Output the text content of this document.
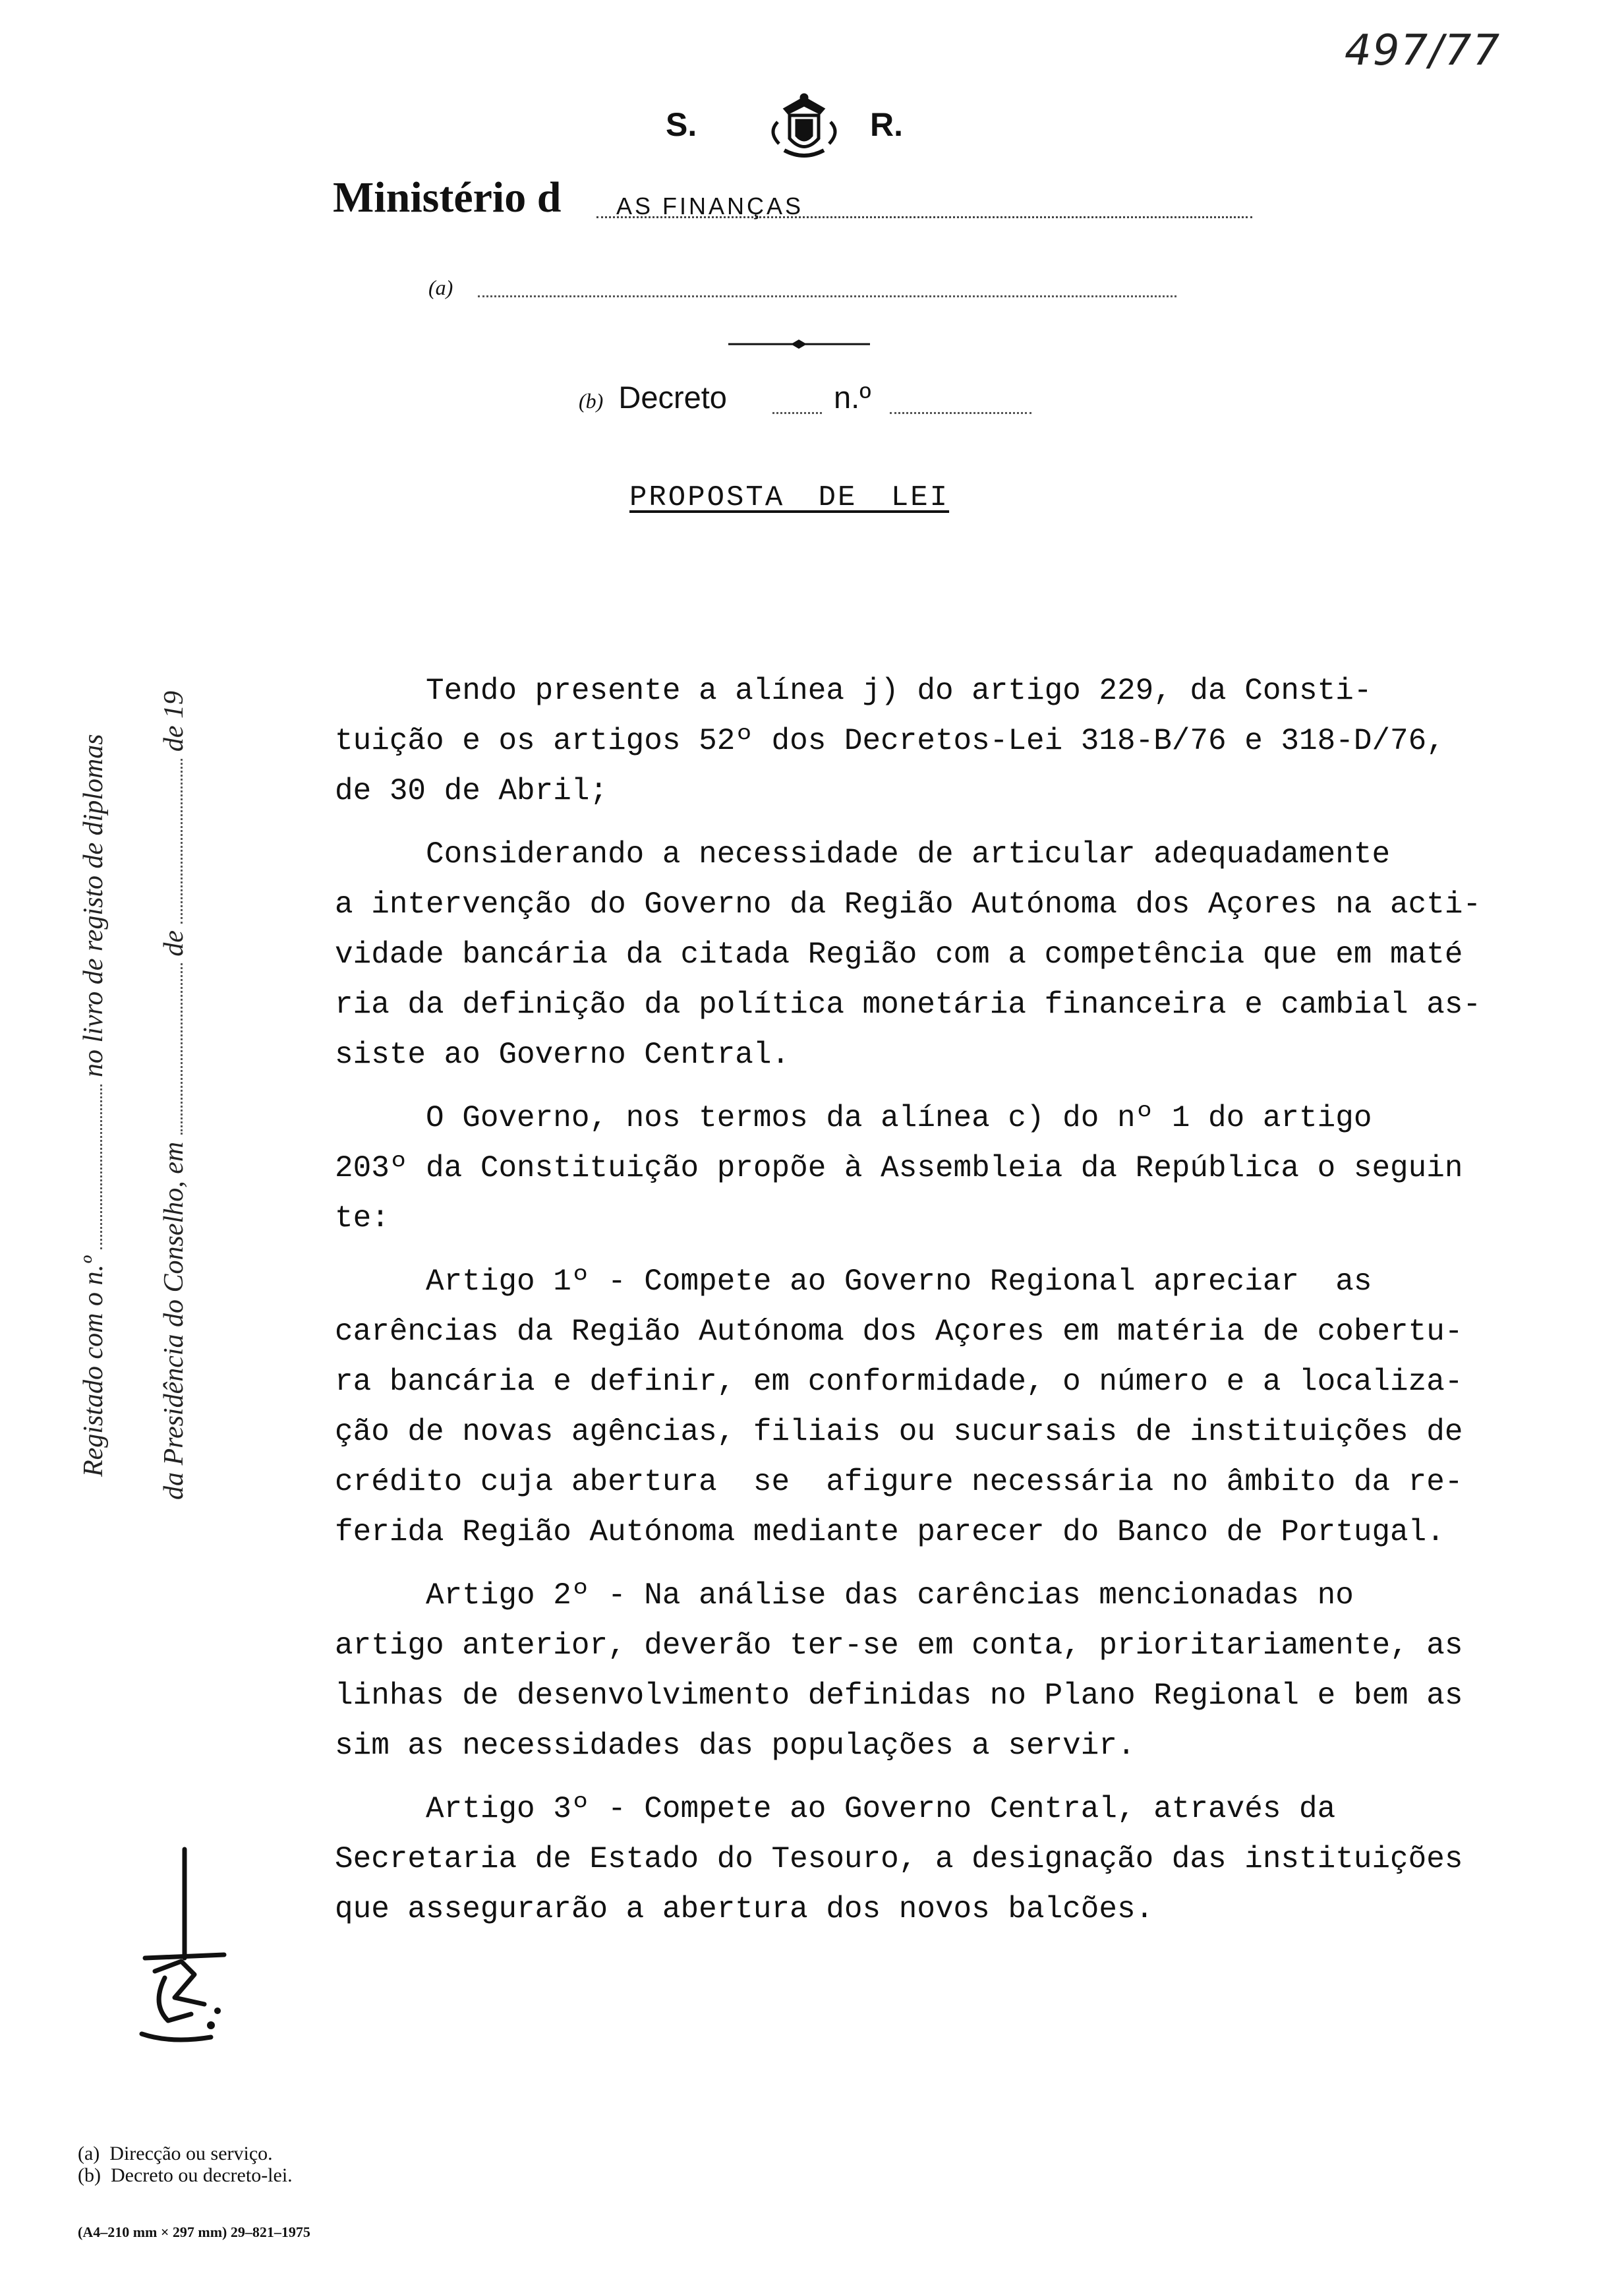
497/77
S.	R.
Ministério d AS FINANÇAS
(a)
(b) Decreto	n.º
PROPOSTA DE LEI
Registado com o n.º  no livro de registo de diplomas
da Presidência do Conselho, em  de  de 19	Tendo presente a alínea j) do artigo 229, da Consti-

tuição e os artigos 52º dos Decretos-Lei 318-B/76 e 318-D/76,

de 30 de Abril;

Considerando a necessidade de articular adequadamente

a intervenção do Governo da Região Autónoma dos Açores na acti-

vidade bancária da citada Região com a competência que em maté

ria da definição da política monetária financeira e cambial as-

siste ao Governo Central.

O Governo, nos termos da alínea c) do nº 1 do artigo

203º da Constituição propõe à Assembleia da República o seguin

te:

Artigo 1º - Compete ao Governo Regional apreciar  as

carências da Região Autónoma dos Açores em matéria de cobertu-

ra bancária e definir, em conformidade, o número e a localiza-

ção de novas agências, filiais ou sucursais de instituições de

crédito cuja abertura  se  afigure necessária no âmbito da re-

ferida Região Autónoma mediante parecer do Banco de Portugal.

Artigo 2º - Na análise das carências mencionadas no

artigo anterior, deverão ter-se em conta, prioritariamente, as

linhas de desenvolvimento definidas no Plano Regional e bem as

sim as necessidades das populações a servir.

Artigo 3º - Compete ao Governo Central, através da

Secretaria de Estado do Tesouro, a designação das instituições

que assegurarão a abertura dos novos balcões.

(a)  Direcção ou serviço.
(b)  Decreto ou decreto-lei.
(A4–210 mm × 297 mm) 29–821–1975
